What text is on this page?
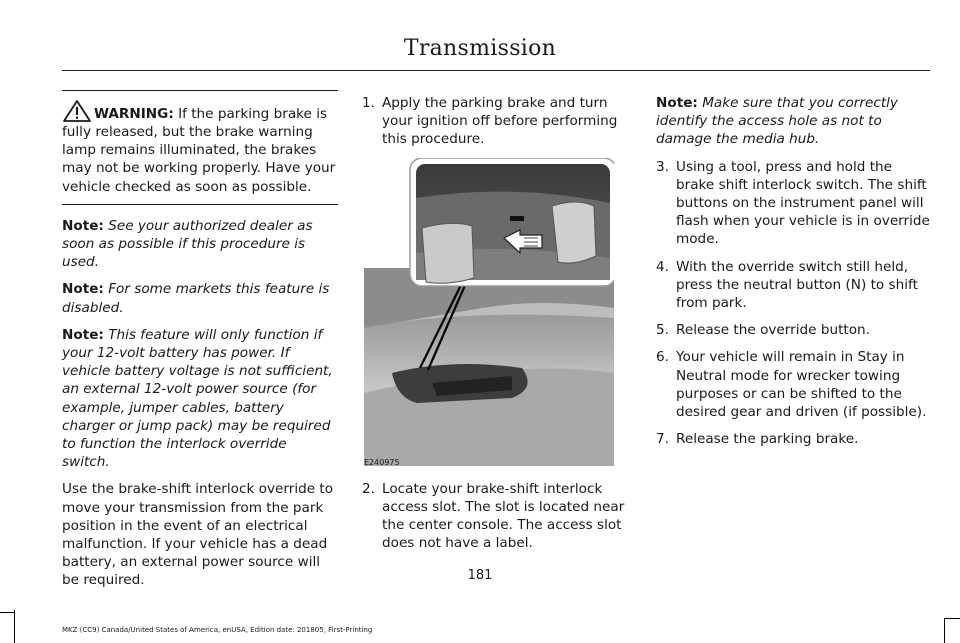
Transmission

WARNING: If the parking brake is fully released, but the brake warning lamp remains illuminated, the brakes may not be working properly. Have your vehicle checked as soon as possible.

Note: See your authorized dealer as soon as possible if this procedure is used.

Note: For some markets this feature is disabled.

Note: This feature will only function if your 12-volt battery has power. If vehicle battery voltage is not sufficient, an external 12-volt power source (for example, jumper cables, battery charger or jump pack) may be required to function the interlock override switch.

Use the brake-shift interlock override to move your transmission from the park position in the event of an electrical malfunction. If your vehicle has a dead battery, an external power source will be required.

1. Apply the parking brake and turn your ignition off before performing this procedure.
E240975
2. Locate your brake-shift interlock access slot. The slot is located near the center console. The access slot does not have a label.

Note: Make sure that you correctly identify the access hole as not to damage the media hub.

3. Using a tool, press and hold the brake shift interlock switch. The shift buttons on the instrument panel will flash when your vehicle is in override mode.
4. With the override switch still held, press the neutral button (N) to shift from park.
5. Release the override button.
6. Your vehicle will remain in Stay in Neutral mode for wrecker towing purposes or can be shifted to the desired gear and driven (if possible).
7. Release the parking brake.
181
MKZ (CC9) Canada/United States of America, enUSA, Edition date: 201805, First-Printing
